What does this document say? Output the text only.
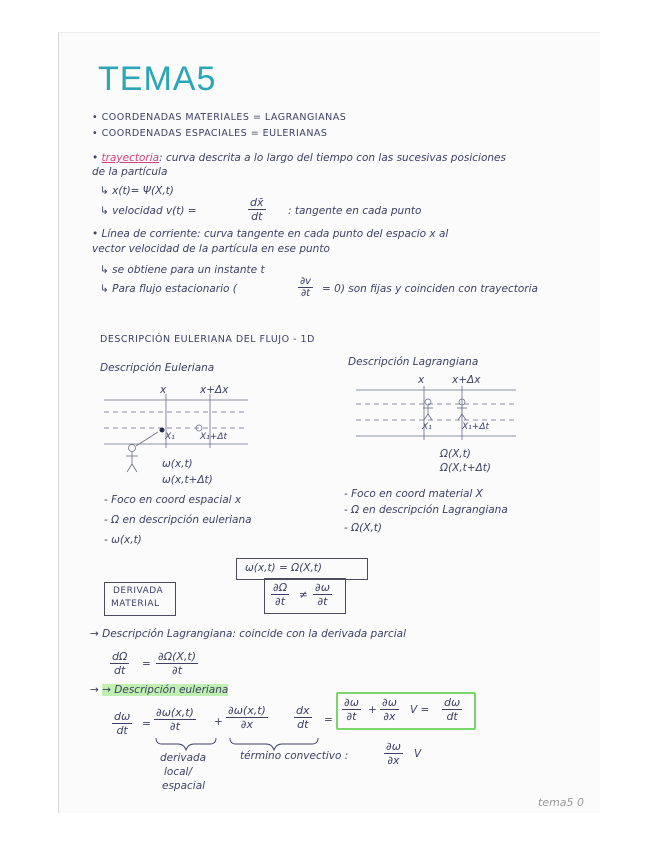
TEMA5
• COORDENADAS MATERIALES = LAGRANGIANAS
• COORDENADAS ESPACIALES = EULERIANAS
• trayectoria: curva descrita a lo largo del tiempo con las sucesivas posiciones
de la partícula
↳ x(t)= Ψ(X,t)
↳ velocidad v(t) =	$\frac{dx̄}{dt}$ : tangente en cada punto
• Línea de corriente: curva tangente en cada punto del espacio x al
vector velocidad de la partícula en ese punto
↳ se obtiene para un instante t
↳ Para flujo estacionario (	$\frac{\partial v}{\partial t} = 0$) son fijas y coinciden con trayectoria
DESCRIPCIÓN EULERIANA DEL FLUJO - 1D
Descripción Euleriana
x	x+Δx
X₁	X₁+Δt
ω(x,t)
ω(x,t+Δt)
Descripción Lagrangiana
x	x+Δx
X₁	X₁+Δt
Ω(X,t)
Ω(X,t+Δt)
- Foco en coord espacial x
- Ω en descripción euleriana
- ω(x,t)
- Foco en coord material X
- Ω en descripción Lagrangiana
- Ω(X,t)
DERIVADA
MATERIAL
ω(x,t) = Ω(X,t)
$\frac{\partial\Omega}{\partial t} \ne \frac{\partial\omega}{\partial t}$
→ Descripción Lagrangiana: coincide con la derivada parcial
$\frac{d\Omega}{dt} = \frac{\partial\Omega(X,t)}{\partial t}$
→ → Descripción euleriana
$\frac{d\omega}{dt} = \frac{\partial\omega(x,t)}{\partial t} + \frac{\partial\omega(x,t)}{\partial x} \frac{dx}{dt} = \frac{\partial\omega}{\partial t} + \frac{\partial\omega}{\partial x}$ $V = \frac{d\omega}{dt}$
derivada
local/
espacial
término convectivo :	$\frac{\partial\omega}{\partial x}$ V
tema5 0
